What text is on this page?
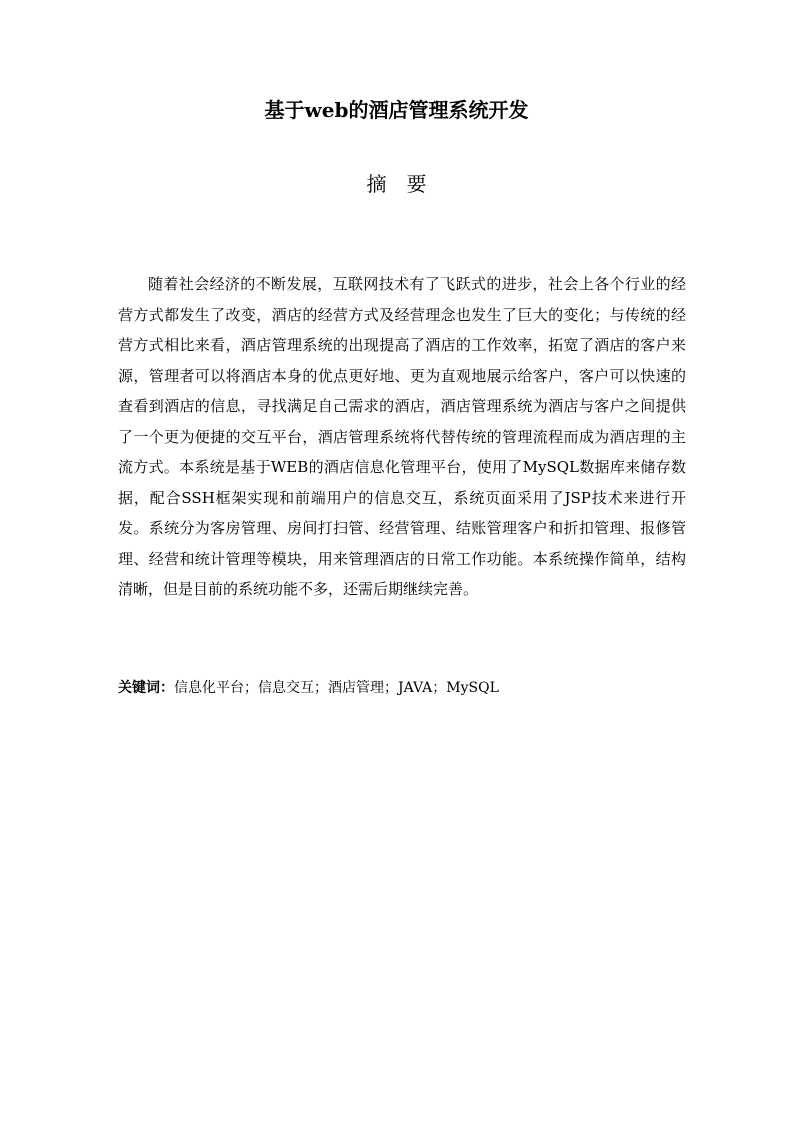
基于web的酒店管理系统开发
摘要

随着社会经济的不断发展，互联网技术有了飞跃式的进步，社会上各个行业的经营方式都发生了改变，酒店的经营方式及经营理念也发生了巨大的变化；与传统的经营方式相比来看，酒店管理系统的出现提高了酒店的工作效率，拓宽了酒店的客户来源，管理者可以将酒店本身的优点更好地、更为直观地展示给客户，客户可以快速的查看到酒店的信息，寻找满足自己需求的酒店，酒店管理系统为酒店与客户之间提供了一个更为便捷的交互平台，酒店管理系统将代替传统的管理流程而成为酒店理的主流方式。本系统是基于WEB的酒店信息化管理平台，使用了MySQL数据库来储存数据，配合SSH框架实现和前端用户的信息交互，系统页面采用了JSP技术来进行开发。系统分为客房管理、房间打扫管、经营管理、结账管理客户和折扣管理、报修管理、经营和统计管理等模块，用来管理酒店的日常工作功能。本系统操作简单，结构清晰，但是目前的系统功能不多，还需后期继续完善。

关键词：信息化平台；信息交互；酒店管理；JAVA；MySQL
